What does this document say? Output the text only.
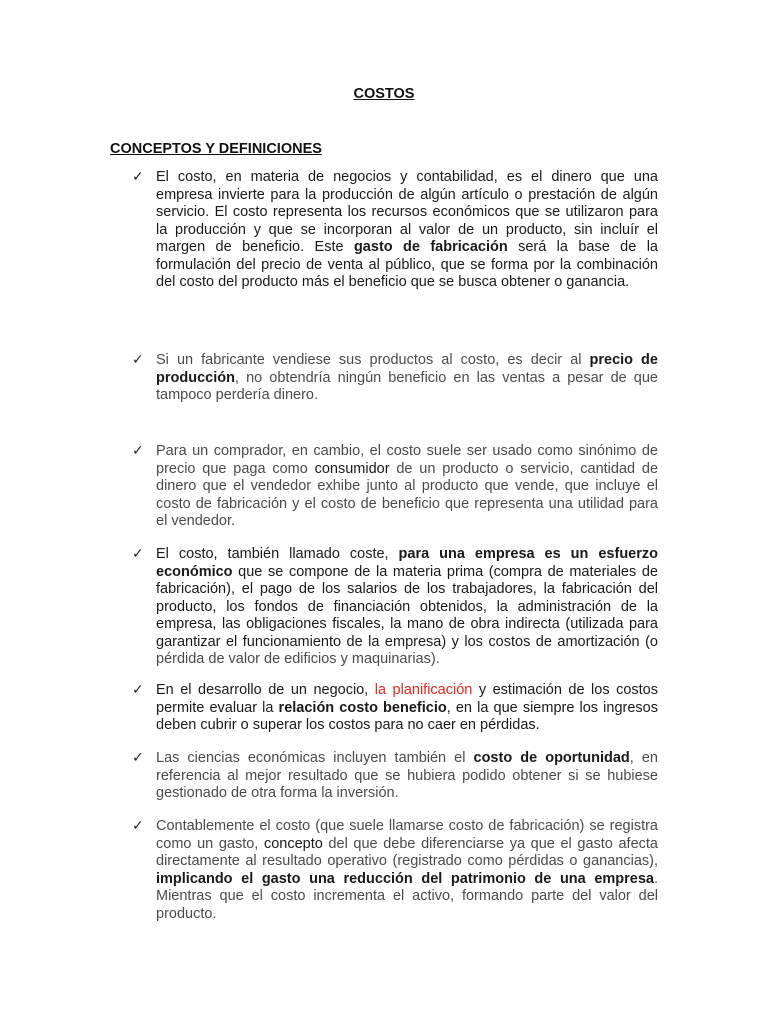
COSTOS
CONCEPTOS Y DEFINICIONES
✓ El costo, en materia de negocios y contabilidad, es el dinero que una empresa invierte para la producción de algún artículo o prestación de algún servicio. El costo representa los recursos económicos que se utilizaron para la producción y que se incorporan al valor de un producto, sin incluír el margen de beneficio. Este gasto de fabricación será la base de la formulación del precio de venta al público, que se forma por la combinación del costo del producto más el beneficio que se busca obtener o ganancia.
✓ Si un fabricante vendiese sus productos al costo, es decir al precio de producción, no obtendría ningún beneficio en las ventas a pesar de que tampoco perdería dinero.
✓ Para un comprador, en cambio, el costo suele ser usado como sinónimo de precio que paga como consumidor de un producto o servicio, cantidad de dinero que el vendedor exhibe junto al producto que vende, que incluye el costo de fabricación y el costo de beneficio que representa una utilidad para el vendedor.
✓ El costo, también llamado coste, para una empresa es un esfuerzo económico que se compone de la materia prima (compra de materiales de fabricación), el pago de los salarios de los trabajadores, la fabricación del producto, los fondos de financiación obtenidos, la administración de la empresa, las obligaciones fiscales, la mano de obra indirecta (utilizada para garantizar el funcionamiento de la empresa) y los costos de amortización (o pérdida de valor de edificios y maquinarias).
✓ En el desarrollo de un negocio, la planificación y estimación de los costos permite evaluar la relación costo beneficio, en la que siempre los ingresos deben cubrir o superar los costos para no caer en pérdidas.
✓ Las ciencias económicas incluyen también el costo de oportunidad, en referencia al mejor resultado que se hubiera podido obtener si se hubiese gestionado de otra forma la inversión.
✓ Contablemente el costo (que suele llamarse costo de fabricación) se registra como un gasto, concepto del que debe diferenciarse ya que el gasto afecta directamente al resultado operativo (registrado como pérdidas o ganancias), implicando el gasto una reducción del patrimonio de una empresa. Mientras que el costo incrementa el activo, formando parte del valor del producto.
